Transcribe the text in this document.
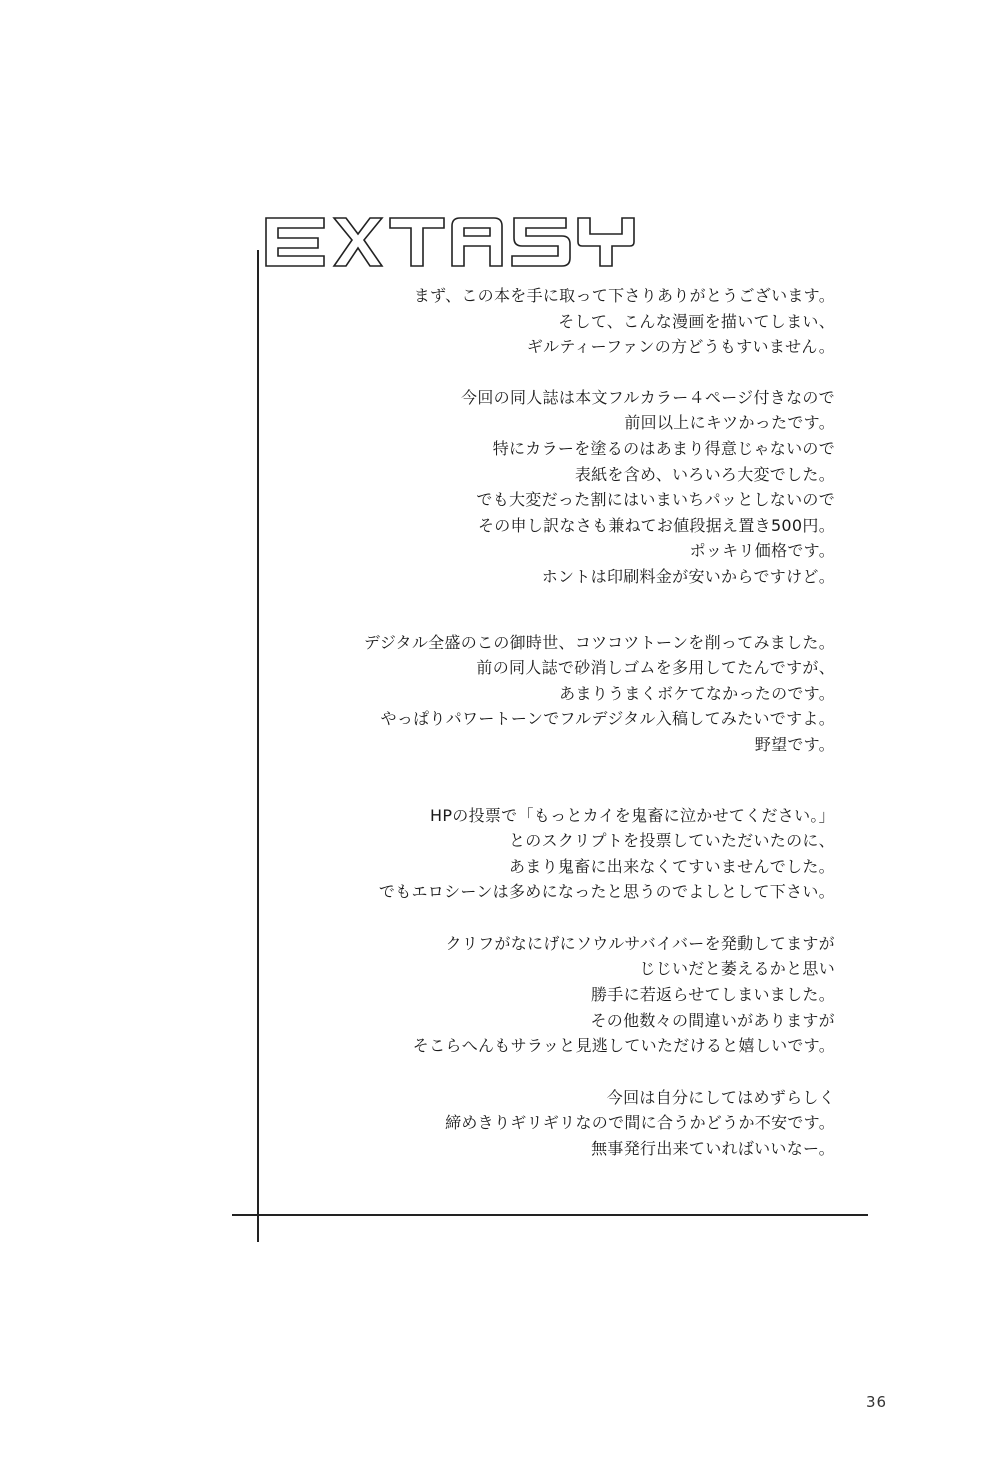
まず、この本を手に取って下さりありがとうございます。

そして、こんな漫画を描いてしまい、

ギルティーファンの方どうもすいません。

今回の同人誌は本文フルカラー４ページ付きなので

前回以上にキツかったです。

特にカラーを塗るのはあまり得意じゃないので

表紙を含め、いろいろ大変でした。

でも大変だった割にはいまいちパッとしないので

その申し訳なさも兼ねてお値段据え置き500円。

ポッキリ価格です。

ホントは印刷料金が安いからですけど。

デジタル全盛のこの御時世、コツコツトーンを削ってみました。

前の同人誌で砂消しゴムを多用してたんですが、

あまりうまくボケてなかったのです。

やっぱりパワートーンでフルデジタル入稿してみたいですよ。

野望です。

HPの投票で「もっとカイを鬼畜に泣かせてください。」

とのスクリプトを投票していただいたのに、

あまり鬼畜に出来なくてすいませんでした。

でもエロシーンは多めになったと思うのでよしとして下さい。

クリフがなにげにソウルサバイバーを発動してますが

じじいだと萎えるかと思い

勝手に若返らせてしまいました。

その他数々の間違いがありますが

そこらへんもサラッと見逃していただけると嬉しいです。

今回は自分にしてはめずらしく

締めきりギリギリなので間に合うかどうか不安です。

無事発行出来ていればいいなー。

36
